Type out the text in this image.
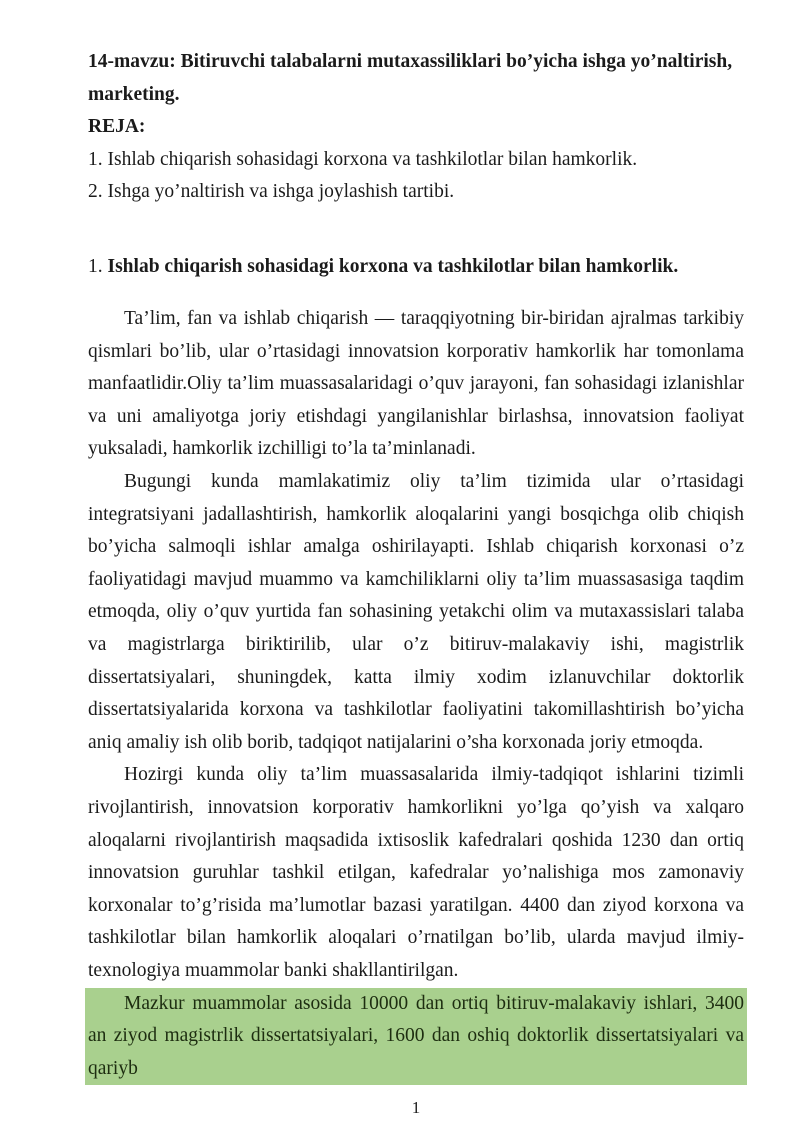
14-mavzu: Bitiruvchi talabalarni mutaxassiliklari bo’yicha ishga yo’naltirish,
marketing.
REJA:

1. Ishlab chiqarish sohasidagi korxona va tashkilotlar bilan hamkorlik.

2. Ishga yo’naltirish va ishga joylashish tartibi.

1. Ishlab chiqarish sohasidagi korxona va tashkilotlar bilan hamkorlik.

Ta’lim, fan va ishlab chiqarish — taraqqiyotning bir-biridan ajralmas tarkibiy qismlari bo’lib, ular o’rtasidagi innovatsion korporativ hamkorlik har tomonlama manfaatlidir.Oliy ta’lim muassasalaridagi o’quv jarayoni, fan sohasidagi izlanishlar va uni amaliyotga joriy etishdagi yangilanishlar birlashsa, innovatsion faoliyat yuksaladi, hamkorlik izchilligi to’la ta’minlanadi.

Bugungi kunda mamlakatimiz oliy ta’lim tizimida ular o’rtasidagi integratsiyani jadallashtirish, hamkorlik aloqalarini yangi bosqichga olib chiqish bo’yicha salmoqli ishlar amalga oshirilayapti. Ishlab chiqarish korxonasi o’z faoliyatidagi mavjud muammo va kamchiliklarni oliy ta’lim muassasasiga taqdim etmoqda, oliy o’quv yurtida fan sohasining yetakchi olim va mutaxassislari talaba va magistrlarga biriktirilib, ular o’z bitiruv-malakaviy ishi, magistrlik dissertatsiyalari, shuningdek, katta ilmiy xodim izlanuvchilar doktorlik dissertatsiyalarida korxona va tashkilotlar faoliyatini takomillashtirish bo’yicha aniq amaliy ish olib borib, tadqiqot natijalarini o’sha korxonada joriy etmoqda.

Hozirgi kunda oliy ta’lim muassasalarida ilmiy-tadqiqot ishlarini tizimli rivojlantirish, innovatsion korporativ hamkorlikni yo’lga qo’yish va xalqaro aloqalarni rivojlantirish maqsadida ixtisoslik kafedralari qoshida 1230 dan ortiq innovatsion guruhlar tashkil etilgan, kafedralar yo’nalishiga mos zamonaviy korxonalar to’g’risida ma’lumotlar bazasi yaratilgan. 4400 dan ziyod korxona va tashkilotlar bilan hamkorlik aloqalari o’rnatilgan bo’lib, ularda mavjud ilmiy-texnologiya muammolar banki shakllantirilgan.

Mazkur muammolar asosida 10000 dan ortiq bitiruv-malakaviy ishlari, 3400 an ziyod magistrlik dissertatsiyalari, 1600 dan oshiq doktorlik dissertatsiyalari va qariyb

1
